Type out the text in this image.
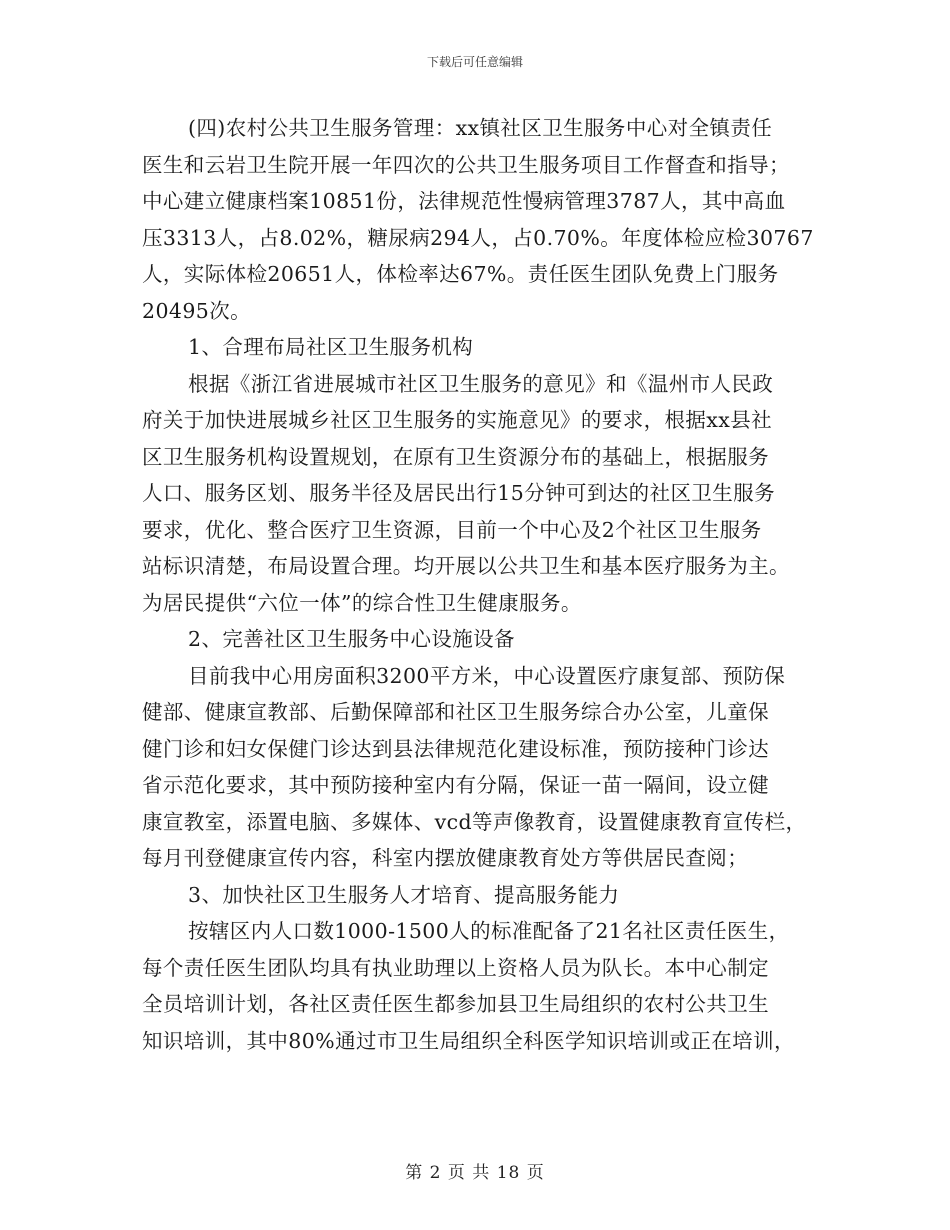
下载后可任意编辑
(四)农村公共卫生服务管理：xx镇社区卫生服务中心对全镇责任
医生和云岩卫生院开展一年四次的公共卫生服务项目工作督查和指导；
中心建立健康档案10851份，法律规范性慢病管理3787人，其中高血
压3313人，占8.02%，糖尿病294人，占0.70%。年度体检应检30767
人，实际体检20651人，体检率达67%。责任医生团队免费上门服务
20495次。
1、合理布局社区卫生服务机构
根据《浙江省进展城市社区卫生服务的意见》和《温州市人民政
府关于加快进展城乡社区卫生服务的实施意见》的要求，根据xx县社
区卫生服务机构设置规划，在原有卫生资源分布的基础上，根据服务
人口、服务区划、服务半径及居民出行15分钟可到达的社区卫生服务
要求，优化、整合医疗卫生资源，目前一个中心及2个社区卫生服务
站标识清楚，布局设置合理。均开展以公共卫生和基本医疗服务为主。
为居民提供“六位一体”的综合性卫生健康服务。
2、完善社区卫生服务中心设施设备
目前我中心用房面积3200平方米，中心设置医疗康复部、预防保
健部、健康宣教部、后勤保障部和社区卫生服务综合办公室，儿童保
健门诊和妇女保健门诊达到县法律规范化建设标准，预防接种门诊达
省示范化要求，其中预防接种室内有分隔，保证一苗一隔间，设立健
康宣教室，添置电脑、多媒体、vcd等声像教育，设置健康教育宣传栏，
每月刊登健康宣传内容，科室内摆放健康教育处方等供居民查阅；
3、加快社区卫生服务人才培育、提高服务能力
按辖区内人口数1000-1500人的标准配备了21名社区责任医生，
每个责任医生团队均具有执业助理以上资格人员为队长。本中心制定
全员培训计划，各社区责任医生都参加县卫生局组织的农村公共卫生
知识培训，其中80%通过市卫生局组织全科医学知识培训或正在培训，
第 2 页 共 18 页
